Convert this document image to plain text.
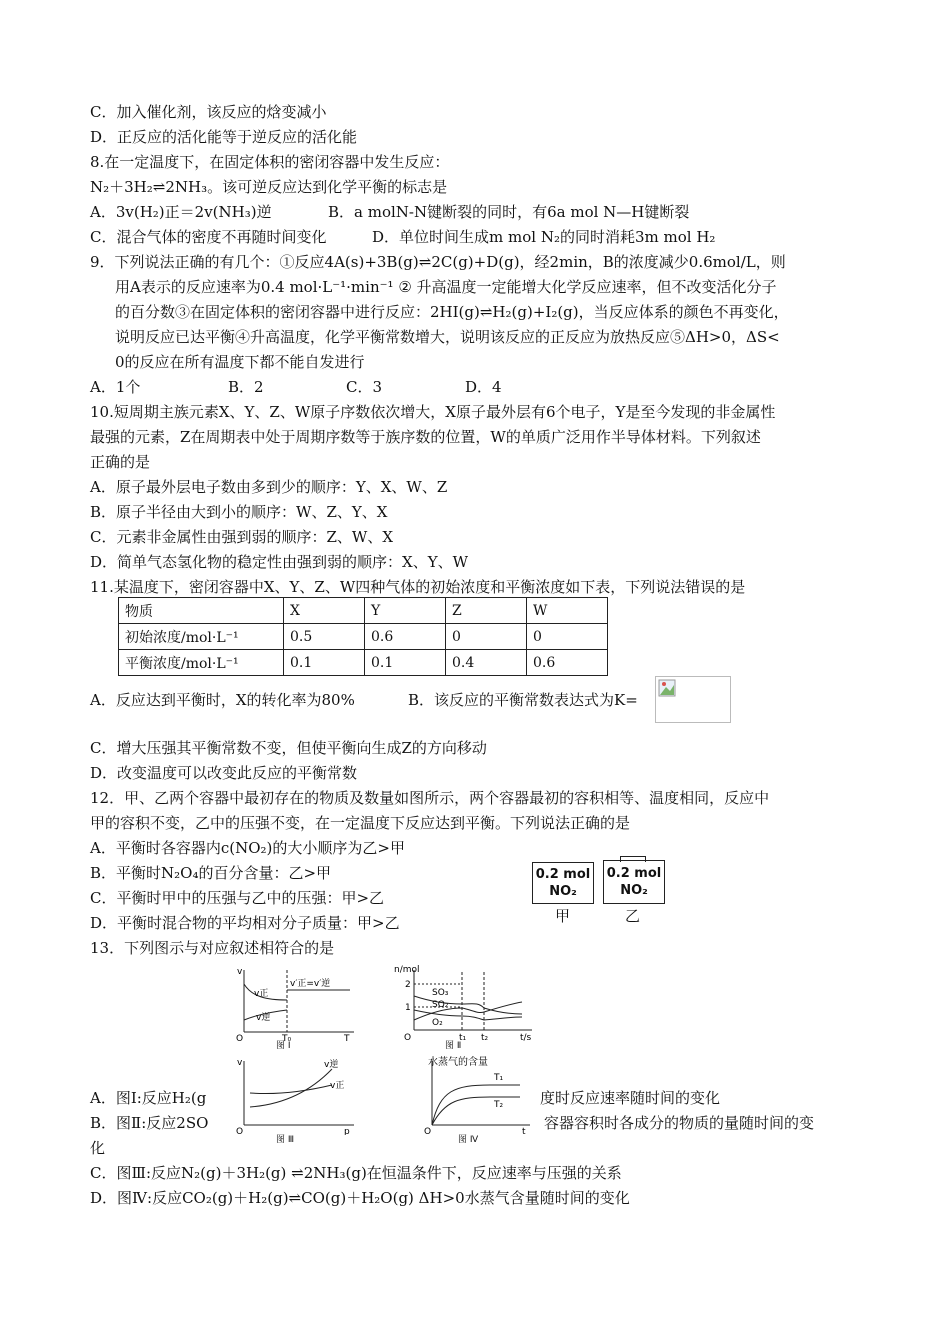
C．加入催化剂，该反应的焓变减小
D．正反应的活化能等于逆反应的活化能
8.在一定温度下，在固定体积的密闭容器中发生反应：
N₂＋3H₂⇌2NH₃。该可逆反应达到化学平衡的标志是
A．3v(H₂)正＝2v(NH₃)逆	B．a molN-N键断裂的同时，有6a mol N—H键断裂
C．混合气体的密度不再随时间变化	D．单位时间生成m mol N₂的同时消耗3m mol H₂
9．下列说法正确的有几个：①反应4A(s)+3B(g)⇌2C(g)+D(g)，经2min，B的浓度减少0.6mol/L，则
用A表示的反应速率为0.4 mol·L⁻¹·min⁻¹ ② 升高温度一定能增大化学反应速率，但不改变活化分子
的百分数③在固定体积的密闭容器中进行反应：2HI(g)⇌H₂(g)+I₂(g)，当反应体系的颜色不再变化，
说明反应已达平衡④升高温度，化学平衡常数增大，说明该反应的正反应为放热反应⑤ΔH>0，ΔS<
0的反应在所有温度下都不能自发进行
A．1个	B．2	C．3	D．4
10.短周期主族元素X、Y、Z、W原子序数依次增大，X原子最外层有6个电子，Y是至今发现的非金属性
最强的元素，Z在周期表中处于周期序数等于族序数的位置，W的单质广泛用作半导体材料。下列叙述
正确的是
A．原子最外层电子数由多到少的顺序：Y、X、W、Z
B．原子半径由大到小的顺序：W、Z、Y、X
C．元素非金属性由强到弱的顺序：Z、W、X
D．简单气态氢化物的稳定性由强到弱的顺序：X、Y、W
11.某温度下，密闭容器中X、Y、Z、W四种气体的初始浓度和平衡浓度如下表，下列说法错误的是
物质	X	Y	Z	W
初始浓度/mol·L⁻¹	0.5	0.6	0	0
平衡浓度/mol·L⁻¹	0.1	0.1	0.4	0.6
A．反应达到平衡时，X的转化率为80%	B．该反应的平衡常数表达式为K=
C．增大压强其平衡常数不变，但使平衡向生成Z的方向移动
D．改变温度可以改变此反应的平衡常数
12．甲、乙两个容器中最初存在的物质及数量如图所示，两个容器最初的容积相等、温度相同，反应中
甲的容积不变，乙中的压强不变，在一定温度下反应达到平衡。下列说法正确的是
A．平衡时各容器内c(NO₂)的大小顺序为乙>甲
B．平衡时N₂O₄的百分含量：乙>甲
C．平衡时甲中的压强与乙中的压强：甲>乙
D．平衡时混合物的平均相对分子质量：甲>乙
0.2 mol
NO₂
甲
0.2 mol
NO₂
乙
13．下列图示与对应叙述相符合的是
v
O	T₀	T
v正
v逆
v′正=v′逆
图 Ⅰ
n/mol
O
2
1
SO₃
SO₂
O₂
t₁ t₂	t/s
图 Ⅱ
v
O	p
v逆
v正
图 Ⅲ
水蒸气的含量
O	t
T₁
T₂
图 Ⅳ
A．图Ⅰ:反应H₂(g	度时反应速率随时间的变化
B．图Ⅱ:反应2SO	容器容积时各成分的物质的量随时间的变
化
C．图Ⅲ:反应N₂(g)＋3H₂(g) ⇌2NH₃(g)在恒温条件下，反应速率与压强的关系
D．图Ⅳ:反应CO₂(g)＋H₂(g)⇌CO(g)＋H₂O(g) ΔH>0水蒸气含量随时间的变化
